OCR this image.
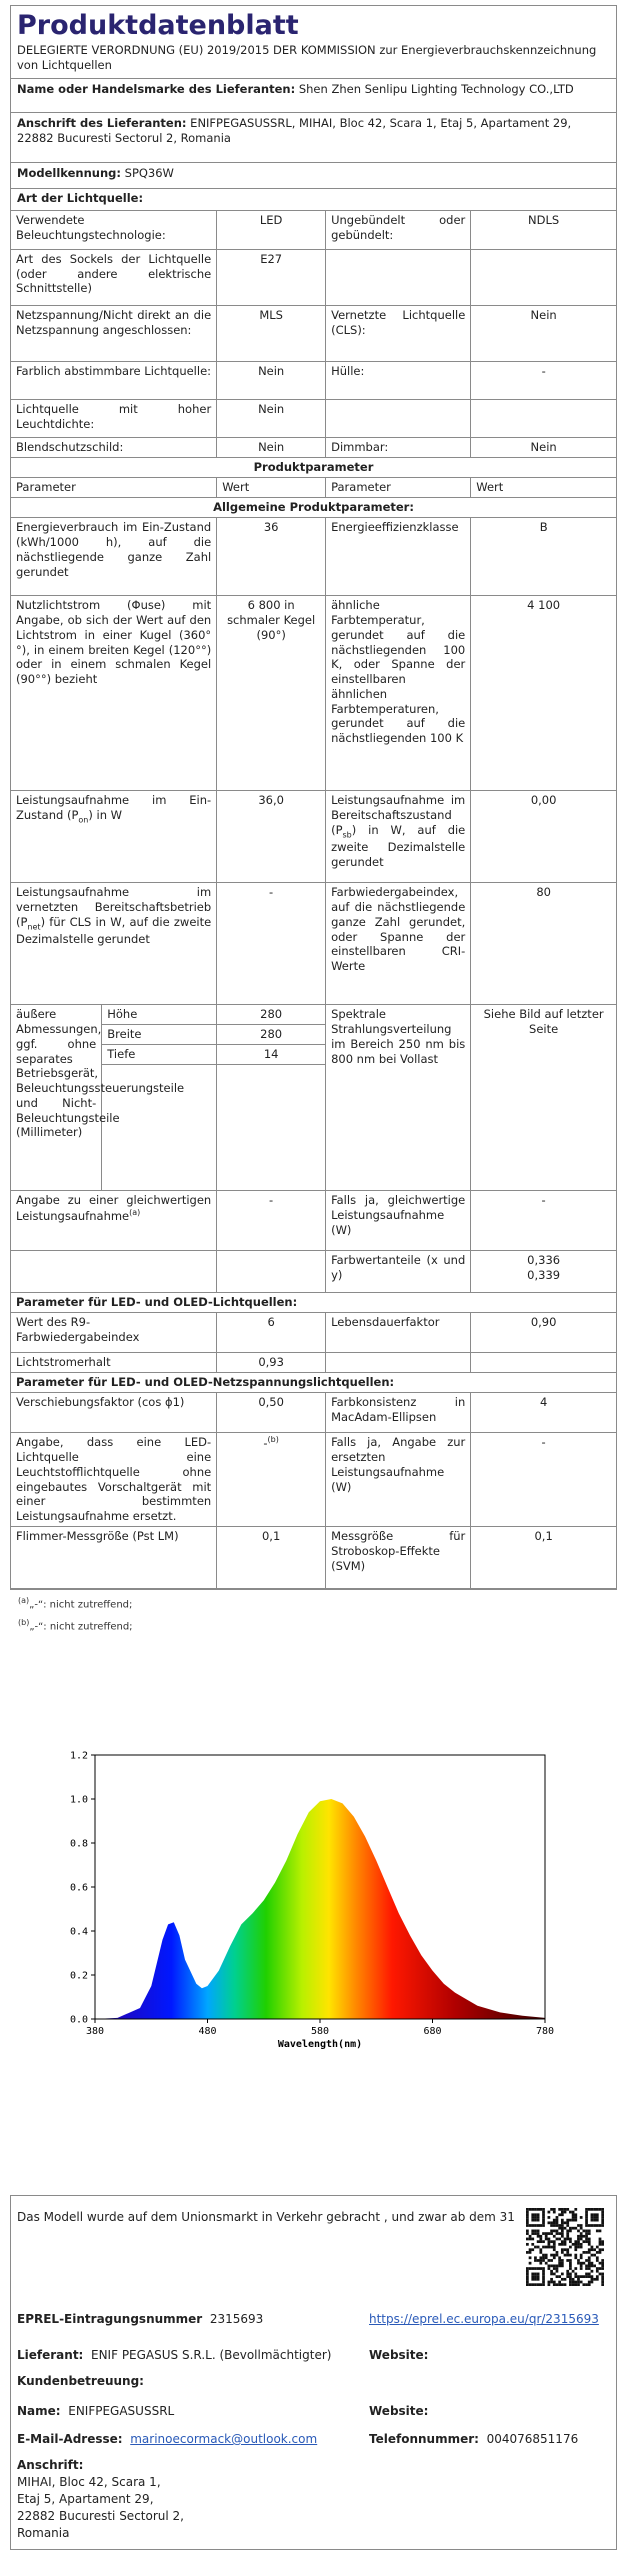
Produktdatenblatt
DELEGIERTE VERORDNUNG (EU) 2019/2015 DER KOMMISSION zur Energieverbrauchskennzeichnung von Lichtquellen
Name oder Handelsmarke des Lieferanten: Shen Zhen Senlipu Lighting Technology CO.,LTD
Anschrift des Lieferanten: ENIFPEGASUSSRL, MIHAI, Bloc 42, Scara 1, Etaj 5, Apartament 29, 22882 Bucuresti Sectorul 2, Romania
Modellkennung: SPQ36W
Art der Lichtquelle:
Verwendete Beleuchtungstechnologie:	LED	Ungebündelt oder gebündelt:	NDLS
Art des Sockels der Lichtquelle (oder andere elektrische Schnittstelle)	E27		
Netzspannung/Nicht direkt an die Netzspannung angeschlossen:	MLS	Vernetzte Lichtquelle (CLS):	Nein
Farblich abstimmbare Lichtquelle:	Nein	Hülle:	-
Lichtquelle mit hoher Leuchtdichte:	Nein		
Blendschutzschild:	Nein	Dimmbar:	Nein
Produktparameter
Parameter		Wert	Parameter	Wert
Allgemeine Produktparameter:				
Energieverbrauch im Ein-Zustand (kWh/1000 h), auf die nächstliegende ganze Zahl gerundet		36	Energieeffizienzklasse	B
Nutzlichtstrom (Φuse) mit Angabe, ob sich der Wert auf den Lichtstrom in einer Kugel (360° °), in einem breiten Kegel (120°°) oder in einem schmalen Kegel (90°°) bezieht		6 800 in schmaler Kegel (90°)	ähnliche Farbtemperatur, gerundet auf die nächstliegenden 100 K, oder Spanne der einstellbaren ähnlichen Farbtemperaturen, gerundet auf die nächstliegenden 100 K	4 100
Leistungsaufnahme im Ein-Zustand $(P_{on})$ in W		36,0	Leistungsaufnahme im Bereitschaftszustand $(P_{sb})$ in W, auf die zweite Dezimalstelle gerundet	0,00
Leistungsaufnahme im vernetzten Bereitschaftsbetrieb $(P_{net})$ für CLS in W, auf die zweite Dezimalstelle gerundet		-	Farbwiedergabeindex, auf die nächstliegende ganze Zahl gerundet, oder Spanne der einstellbaren CRI-Werte	80
äußere Abmessungen, ggf. ohne separates Betriebsgerät, Beleuchtungssteuerungsteile und Nicht-Beleuchtungsteile (Millimeter)	Höhe	280	Spektrale Strahlungsverteilung im Bereich 250 nm bis 800 nm bei Vollast	Siehe Bild auf letzter Seite
	Breite	280		
	Tiefe	14		

Angabe zu einer gleichwertigen Leistungsaufnahme$^{(a)}$		-	Falls ja, gleichwertige Leistungsaufnahme (W)	-
			Farbwertanteile (x und y)	0,336
0,339

Parameter für LED- und OLED-Lichtquellen:				
Wert des R9-Farbwiedergabeindex		6	Lebensdauerfaktor	0,90
Lichtstromerhalt		0,93		
Parameter für LED- und OLED-Netzspannungslichtquellen:				
Verschiebungsfaktor (cos ϕ1)		0,50	Farbkonsistenz in MacAdam-Ellipsen	4
Angabe, dass eine LED-Lichtquelle eine Leuchtstofflichtquelle ohne eingebautes Vorschaltgerät mit einer bestimmten Leistungsaufnahme ersetzt.		-$^{(b)}$	Falls ja, Angabe zur ersetzten Leistungsaufnahme (W)	-
Flimmer-Messgröße (Pst LM)		0,1	Messgröße für Stroboskop-Effekte (SVM)	0,1
$^{(a)}$„-“: nicht zutreffend;
$^{(b)}$„-“: nicht zutreffend;
0.0
0.2
0.4
0.6
0.8
1.0
1.2
380	480	580	680	780
Wavelength(nm)
Das Modell wurde auf dem Unionsmarkt in Verkehr gebracht , und zwar ab dem 31
EPREL-Eintragungsnummer 2315693	https://eprel.ec.europa.eu/qr/2315693
Lieferant: ENIF PEGASUS S.R.L. (Bevollmächtigter)	Website:
Kundenbetreuung:
Name: ENIFPEGASUSSRL	Website:
E-Mail-Adresse: marinoecormack@outlook.com	Telefonnummer: 004076851176
Anschrift:
MIHAI, Bloc 42, Scara 1,
Etaj 5, Apartament 29,
22882 Bucuresti Sectorul 2,
Romania
